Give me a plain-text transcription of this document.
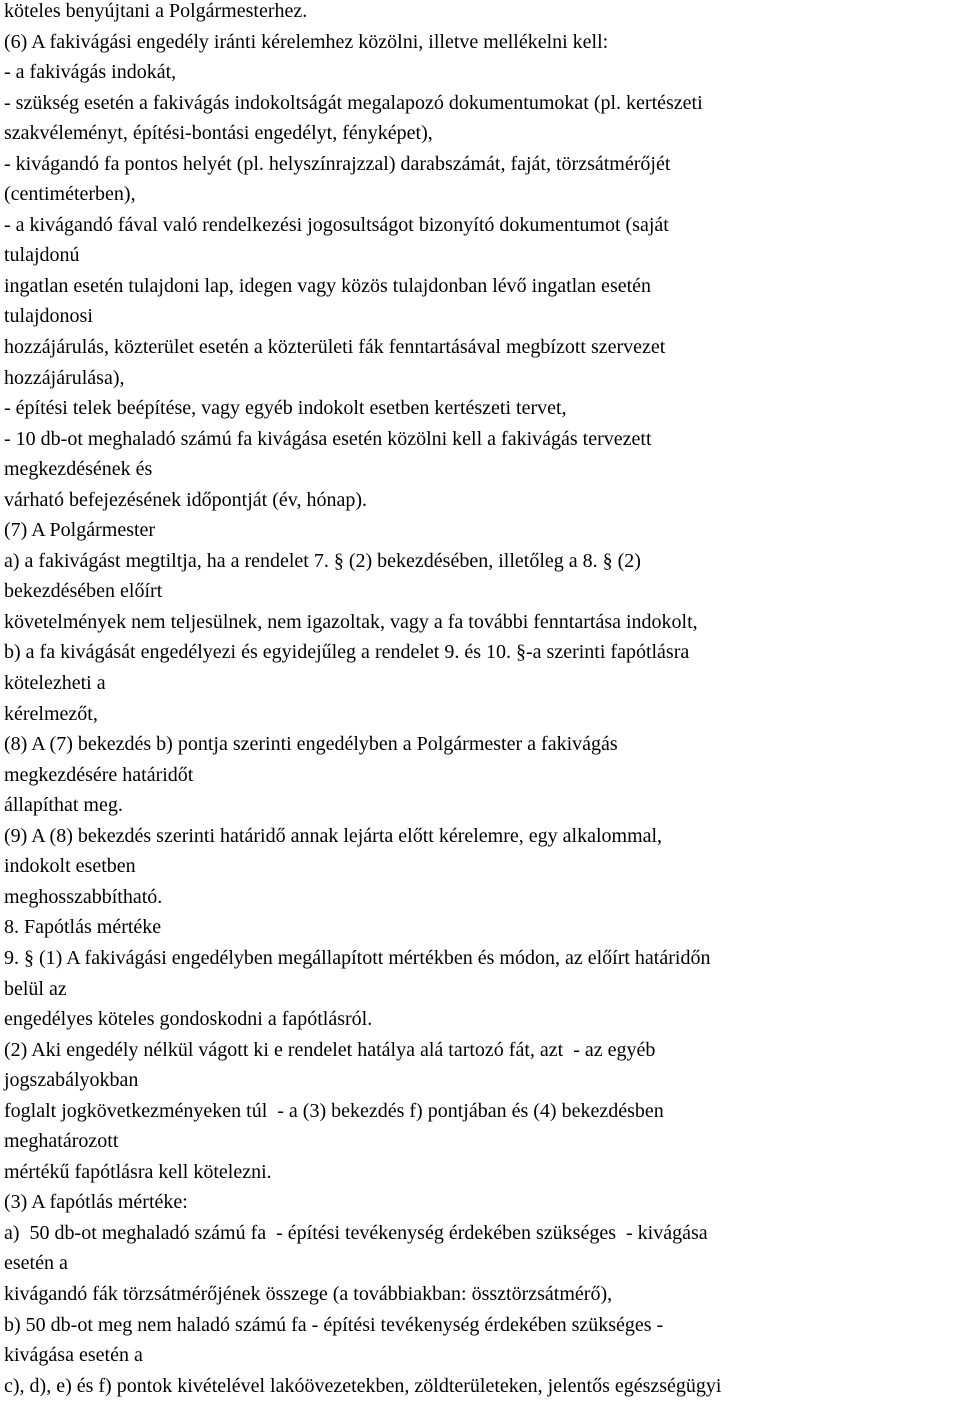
köteles benyújtani a Polgármesterhez.
(6) A fakivágási engedély iránti kérelemhez közölni, illetve mellékelni kell:
- a fakivágás indokát,
- szükség esetén a fakivágás indokoltságát megalapozó dokumentumokat (pl. kertészeti
szakvéleményt, építési-bontási engedélyt, fényképet),
- kivágandó fa pontos helyét (pl. helyszínrajzzal) darabszámát, faját, törzsátmérőjét
(centiméterben),
- a kivágandó fával való rendelkezési jogosultságot bizonyító dokumentumot (saját
tulajdonú
ingatlan esetén tulajdoni lap, idegen vagy közös tulajdonban lévő ingatlan esetén
tulajdonosi
hozzájárulás, közterület esetén a közterületi fák fenntartásával megbízott szervezet
hozzájárulása),
- építési telek beépítése, vagy egyéb indokolt esetben kertészeti tervet,
- 10 db-ot meghaladó számú fa kivágása esetén közölni kell a fakivágás tervezett
megkezdésének és
várható befejezésének időpontját (év, hónap).
(7) A Polgármester
a) a fakivágást megtiltja, ha a rendelet 7. § (2) bekezdésében, illetőleg a 8. § (2)
bekezdésében előírt
követelmények nem teljesülnek, nem igazoltak, vagy a fa további fenntartása indokolt,
b) a fa kivágását engedélyezi és egyidejűleg a rendelet 9. és 10. §-a szerinti fapótlásra
kötelezheti a
kérelmezőt,
(8) A (7) bekezdés b) pontja szerinti engedélyben a Polgármester a fakivágás
megkezdésére határidőt
állapíthat meg.
(9) A (8) bekezdés szerinti határidő annak lejárta előtt kérelemre, egy alkalommal,
indokolt esetben
meghosszabbítható.
8. Fapótlás mértéke
9. § (1) A fakivágási engedélyben megállapított mértékben és módon, az előírt határidőn
belül az
engedélyes köteles gondoskodni a fapótlásról.
(2) Aki engedély nélkül vágott ki e rendelet hatálya alá tartozó fát, azt  - az egyéb
jogszabályokban
foglalt jogkövetkezményeken túl  - a (3) bekezdés f) pontjában és (4) bekezdésben
meghatározott
mértékű fapótlásra kell kötelezni.
(3) A fapótlás mértéke:
a)  50 db-ot meghaladó számú fa  - építési tevékenység érdekében szükséges  - kivágása
esetén a
kivágandó fák törzsátmérőjének összege (a továbbiakban: össztörzsátmérő),
b) 50 db-ot meg nem haladó számú fa - építési tevékenység érdekében szükséges -
kivágása esetén a
c), d), e) és f) pontok kivételével lakóövezetekben, zöldterületeken, jelentős egészségügyi
